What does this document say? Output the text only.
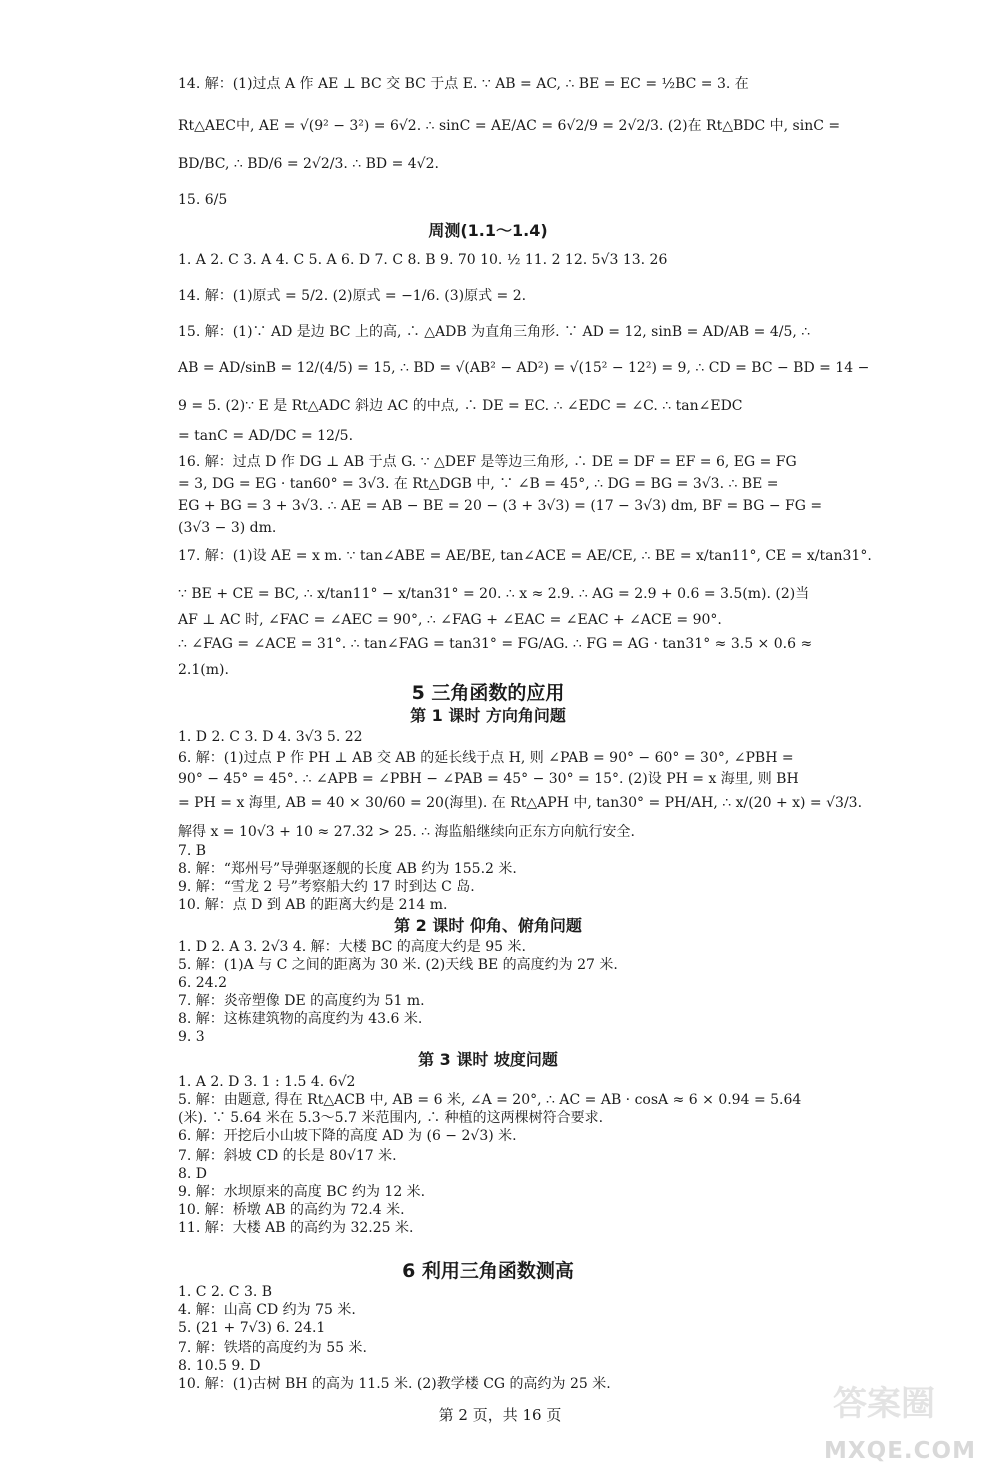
14. 解：(1)过点 A 作 AE ⊥ BC 交 BC 于点 E. ∵ AB = AC, ∴ BE = EC = ½BC = 3. 在
Rt△AEC中, AE = √(9² − 3²) = 6√2. ∴ sinC = AE/AC = 6√2/9 = 2√2/3. (2)在 Rt△BDC 中, sinC =
BD/BC, ∴ BD/6 = 2√2/3. ∴ BD = 4√2.
15. 6/5
周测(1.1～1.4)
1. A 2. C 3. A 4. C 5. A 6. D 7. C 8. B 9. 70 10. ½ 11. 2 12. 5√3 13. 26
14. 解：(1)原式 = 5/2. (2)原式 = −1/6. (3)原式 = 2.
15. 解：(1)∵ AD 是边 BC 上的高, ∴ △ADB 为直角三角形. ∵ AD = 12, sinB = AD/AB = 4/5, ∴
AB = AD/sinB = 12/(4/5) = 15, ∴ BD = √(AB² − AD²) = √(15² − 12²) = 9, ∴ CD = BC − BD = 14 −
9 = 5. (2)∵ E 是 Rt△ADC 斜边 AC 的中点, ∴ DE = EC. ∴ ∠EDC = ∠C. ∴ tan∠EDC
= tanC = AD/DC = 12/5.
16. 解：过点 D 作 DG ⊥ AB 于点 G. ∵ △DEF 是等边三角形, ∴ DE = DF = EF = 6, EG = FG
= 3, DG = EG · tan60° = 3√3. 在 Rt△DGB 中, ∵ ∠B = 45°, ∴ DG = BG = 3√3. ∴ BE =
EG + BG = 3 + 3√3. ∴ AE = AB − BE = 20 − (3 + 3√3) = (17 − 3√3) dm, BF = BG − FG =
(3√3 − 3) dm.
17. 解：(1)设 AE = x m. ∵ tan∠ABE = AE/BE, tan∠ACE = AE/CE, ∴ BE = x/tan11°, CE = x/tan31°.
∵ BE + CE = BC, ∴ x/tan11° − x/tan31° = 20. ∴ x ≈ 2.9. ∴ AG = 2.9 + 0.6 = 3.5(m). (2)当
AF ⊥ AC 时, ∠FAC = ∠AEC = 90°, ∴ ∠FAG + ∠EAC = ∠EAC + ∠ACE = 90°.
∴ ∠FAG = ∠ACE = 31°. ∴ tan∠FAG = tan31° = FG/AG. ∴ FG = AG · tan31° ≈ 3.5 × 0.6 ≈
2.1(m).
5 三角函数的应用
第 1 课时 方向角问题
1. D 2. C 3. D 4. 3√3 5. 22
6. 解：(1)过点 P 作 PH ⊥ AB 交 AB 的延长线于点 H, 则 ∠PAB = 90° − 60° = 30°, ∠PBH =
90° − 45° = 45°. ∴ ∠APB = ∠PBH − ∠PAB = 45° − 30° = 15°. (2)设 PH = x 海里, 则 BH
= PH = x 海里, AB = 40 × 30/60 = 20(海里). 在 Rt△APH 中, tan30° = PH/AH, ∴ x/(20 + x) = √3/3.
解得 x = 10√3 + 10 ≈ 27.32 > 25. ∴ 海监船继续向正东方向航行安全.
7. B
8. 解：“郑州号”导弹驱逐舰的长度 AB 约为 155.2 米.
9. 解：“雪龙 2 号”考察船大约 17 时到达 C 岛.
10. 解：点 D 到 AB 的距离大约是 214 m.
第 2 课时 仰角、俯角问题
1. D 2. A 3. 2√3 4. 解：大楼 BC 的高度大约是 95 米.
5. 解：(1)A 与 C 之间的距离为 30 米. (2)天线 BE 的高度约为 27 米.
6. 24.2
7. 解：炎帝塑像 DE 的高度约为 51 m.
8. 解：这栋建筑物的高度约为 43.6 米.
9. 3
第 3 课时 坡度问题
1. A 2. D 3. 1 : 1.5 4. 6√2
5. 解：由题意, 得在 Rt△ACB 中, AB = 6 米, ∠A = 20°, ∴ AC = AB · cosA ≈ 6 × 0.94 = 5.64
(米). ∵ 5.64 米在 5.3～5.7 米范围内, ∴ 种植的这两棵树符合要求.
6. 解：开挖后小山坡下降的高度 AD 为 (6 − 2√3) 米.
7. 解：斜坡 CD 的长是 80√17 米.
8. D
9. 解：水坝原来的高度 BC 约为 12 米.
10. 解：桥墩 AB 的高约为 72.4 米.
11. 解：大楼 AB 的高约为 32.25 米.
6 利用三角函数测高
1. C 2. C 3. B
4. 解：山高 CD 约为 75 米.
5. (21 + 7√3) 6. 24.1
7. 解：铁塔的高度约为 55 米.
8. 10.5 9. D
10. 解：(1)古树 BH 的高为 11.5 米. (2)教学楼 CG 的高约为 25 米.
第 2 页，共 16 页	答案圈
MXQE.COM
